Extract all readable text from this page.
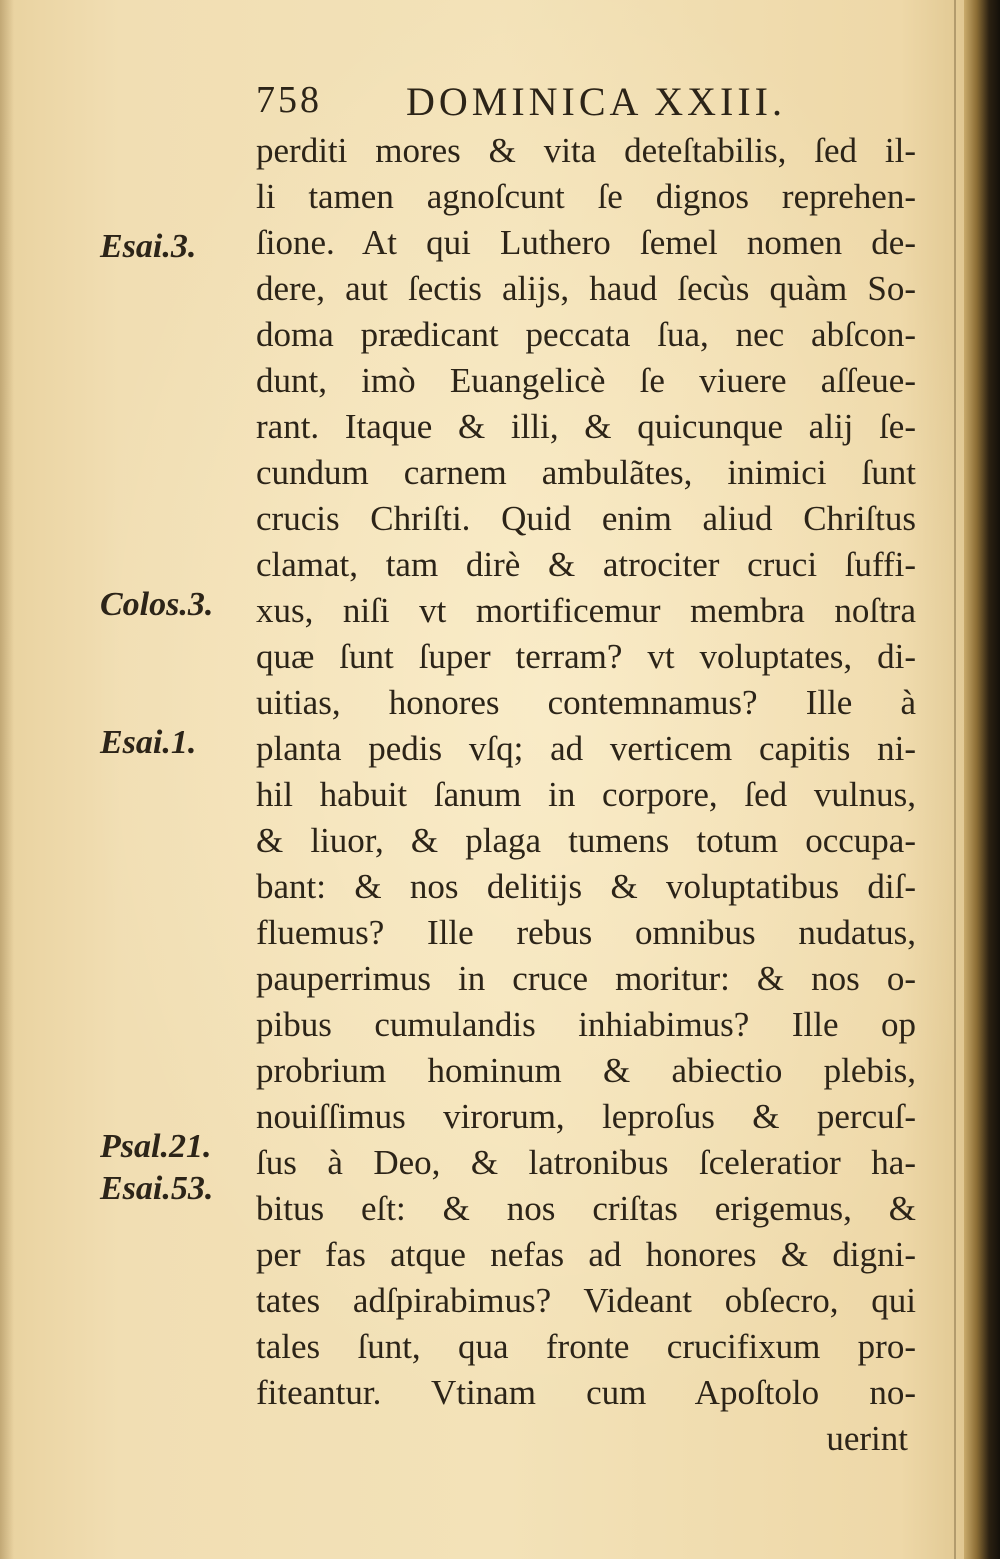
758 DOMINICA XXIII.
Esai.3.
Colos.3.
Esai.1.
Psal.21.
Esai.53.
perditi mores & vita deteſtabilis, ſed il-
li tamen agnoſcunt ſe dignos reprehen-
ſione. At qui Luthero ſemel nomen de-
dere, aut ſectis alijs, haud ſecùs quàm So-
doma prædicant peccata ſua, nec abſcon-
dunt, imò Euangelicè ſe viuere aſſeue-
rant. Itaque & illi, & quicunque alij ſe-
cundum carnem ambulãtes, inimici ſunt
crucis Chriſti. Quid enim aliud Chriſtus
clamat, tam dirè & atrociter cruci ſuffi-
xus, niſi vt mortificemur membra noſtra
quæ ſunt ſuper terram? vt voluptates, di-
uitias, honores contemnamus? Ille à
planta pedis vſq; ad verticem capitis ni-
hil habuit ſanum in corpore, ſed vulnus,
& liuor, & plaga tumens totum occupa-
bant: & nos delitijs & voluptatibus diſ-
fluemus? Ille rebus omnibus nudatus,
pauperrimus in cruce moritur: & nos o-
pibus cumulandis inhiabimus? Ille op
probrium hominum & abiectio plebis,
nouiſſimus virorum, leproſus & percuſ-
ſus à Deo, & latronibus ſceleratior ha-
bitus eſt: & nos criſtas erigemus, &
per fas atque nefas ad honores & digni-
tates adſpirabimus? Videant obſecro, qui
tales ſunt, qua fronte crucifixum pro-
fiteantur. Vtinam cum Apoſtolo no-
uerint
